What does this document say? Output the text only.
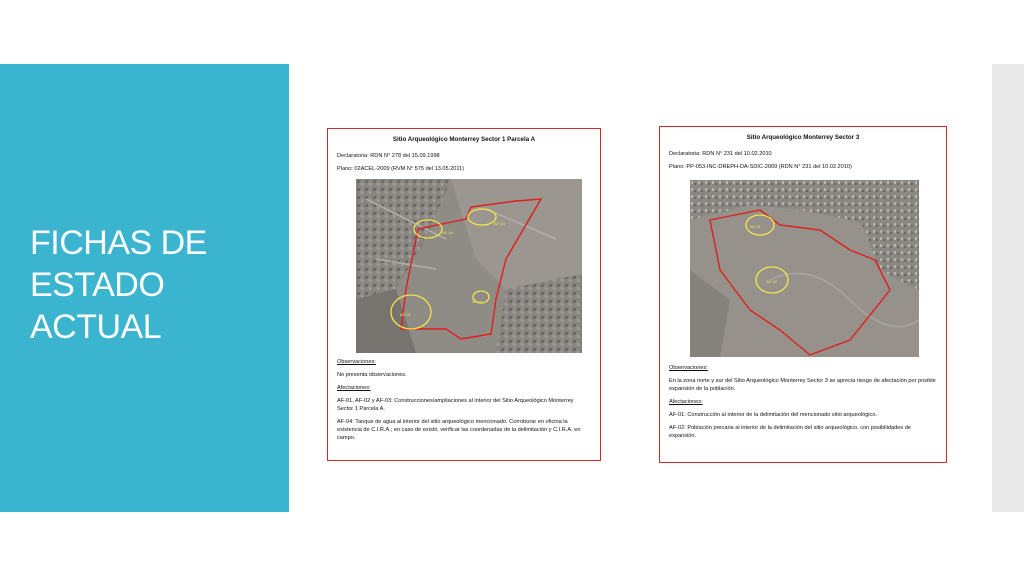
FICHAS DE
ESTADO
ACTUAL
Sitio Arqueológico Monterrey Sector 1 Parcela A
Declaratoria: RDN N° 278 del 15.09.1998
Plano: 02ACEL-2009 (RVM N° 575 del 13.05.2011)
AF-04
AF-03
AF-02
AF-01
Observaciones:
No presenta observaciones.
Afectaciones:
AF-01, AF-02 y AF-03: Construcciones/ampliaciones al interior del Sitio Arqueológico Monterrey Sector 1 Parcela A.
AF-04: Tanque de agua al interior del sitio arqueológico mencionado. Corroborar en oficina la existencia de C.I.R.A.; en caso de existir, verificar las coordenadas de la delimitación y C.I.R.A. en campo.
Sitio Arqueológico Monterrey Sector 3
Declaratoria: RDN N° 231 del 10.02.2010
Plano: PP-053-INC-DREPH-DA-SDIC-2009 (RDN N° 231 del 10.02.2010)
AF-01
AF-02
Observaciones:
En la zona norte y sur del Sitio Arqueológico Monterrey Sector 3 se aprecia riesgo de afectación por posible expansión de la población.
Afectaciones:
AF-01: Construcción al interior de la delimitación del mencionado sitio arqueológico.
AF-02: Población precaria al interior de la delimitación del sitio arqueológico, con posibilidades de expansión.
